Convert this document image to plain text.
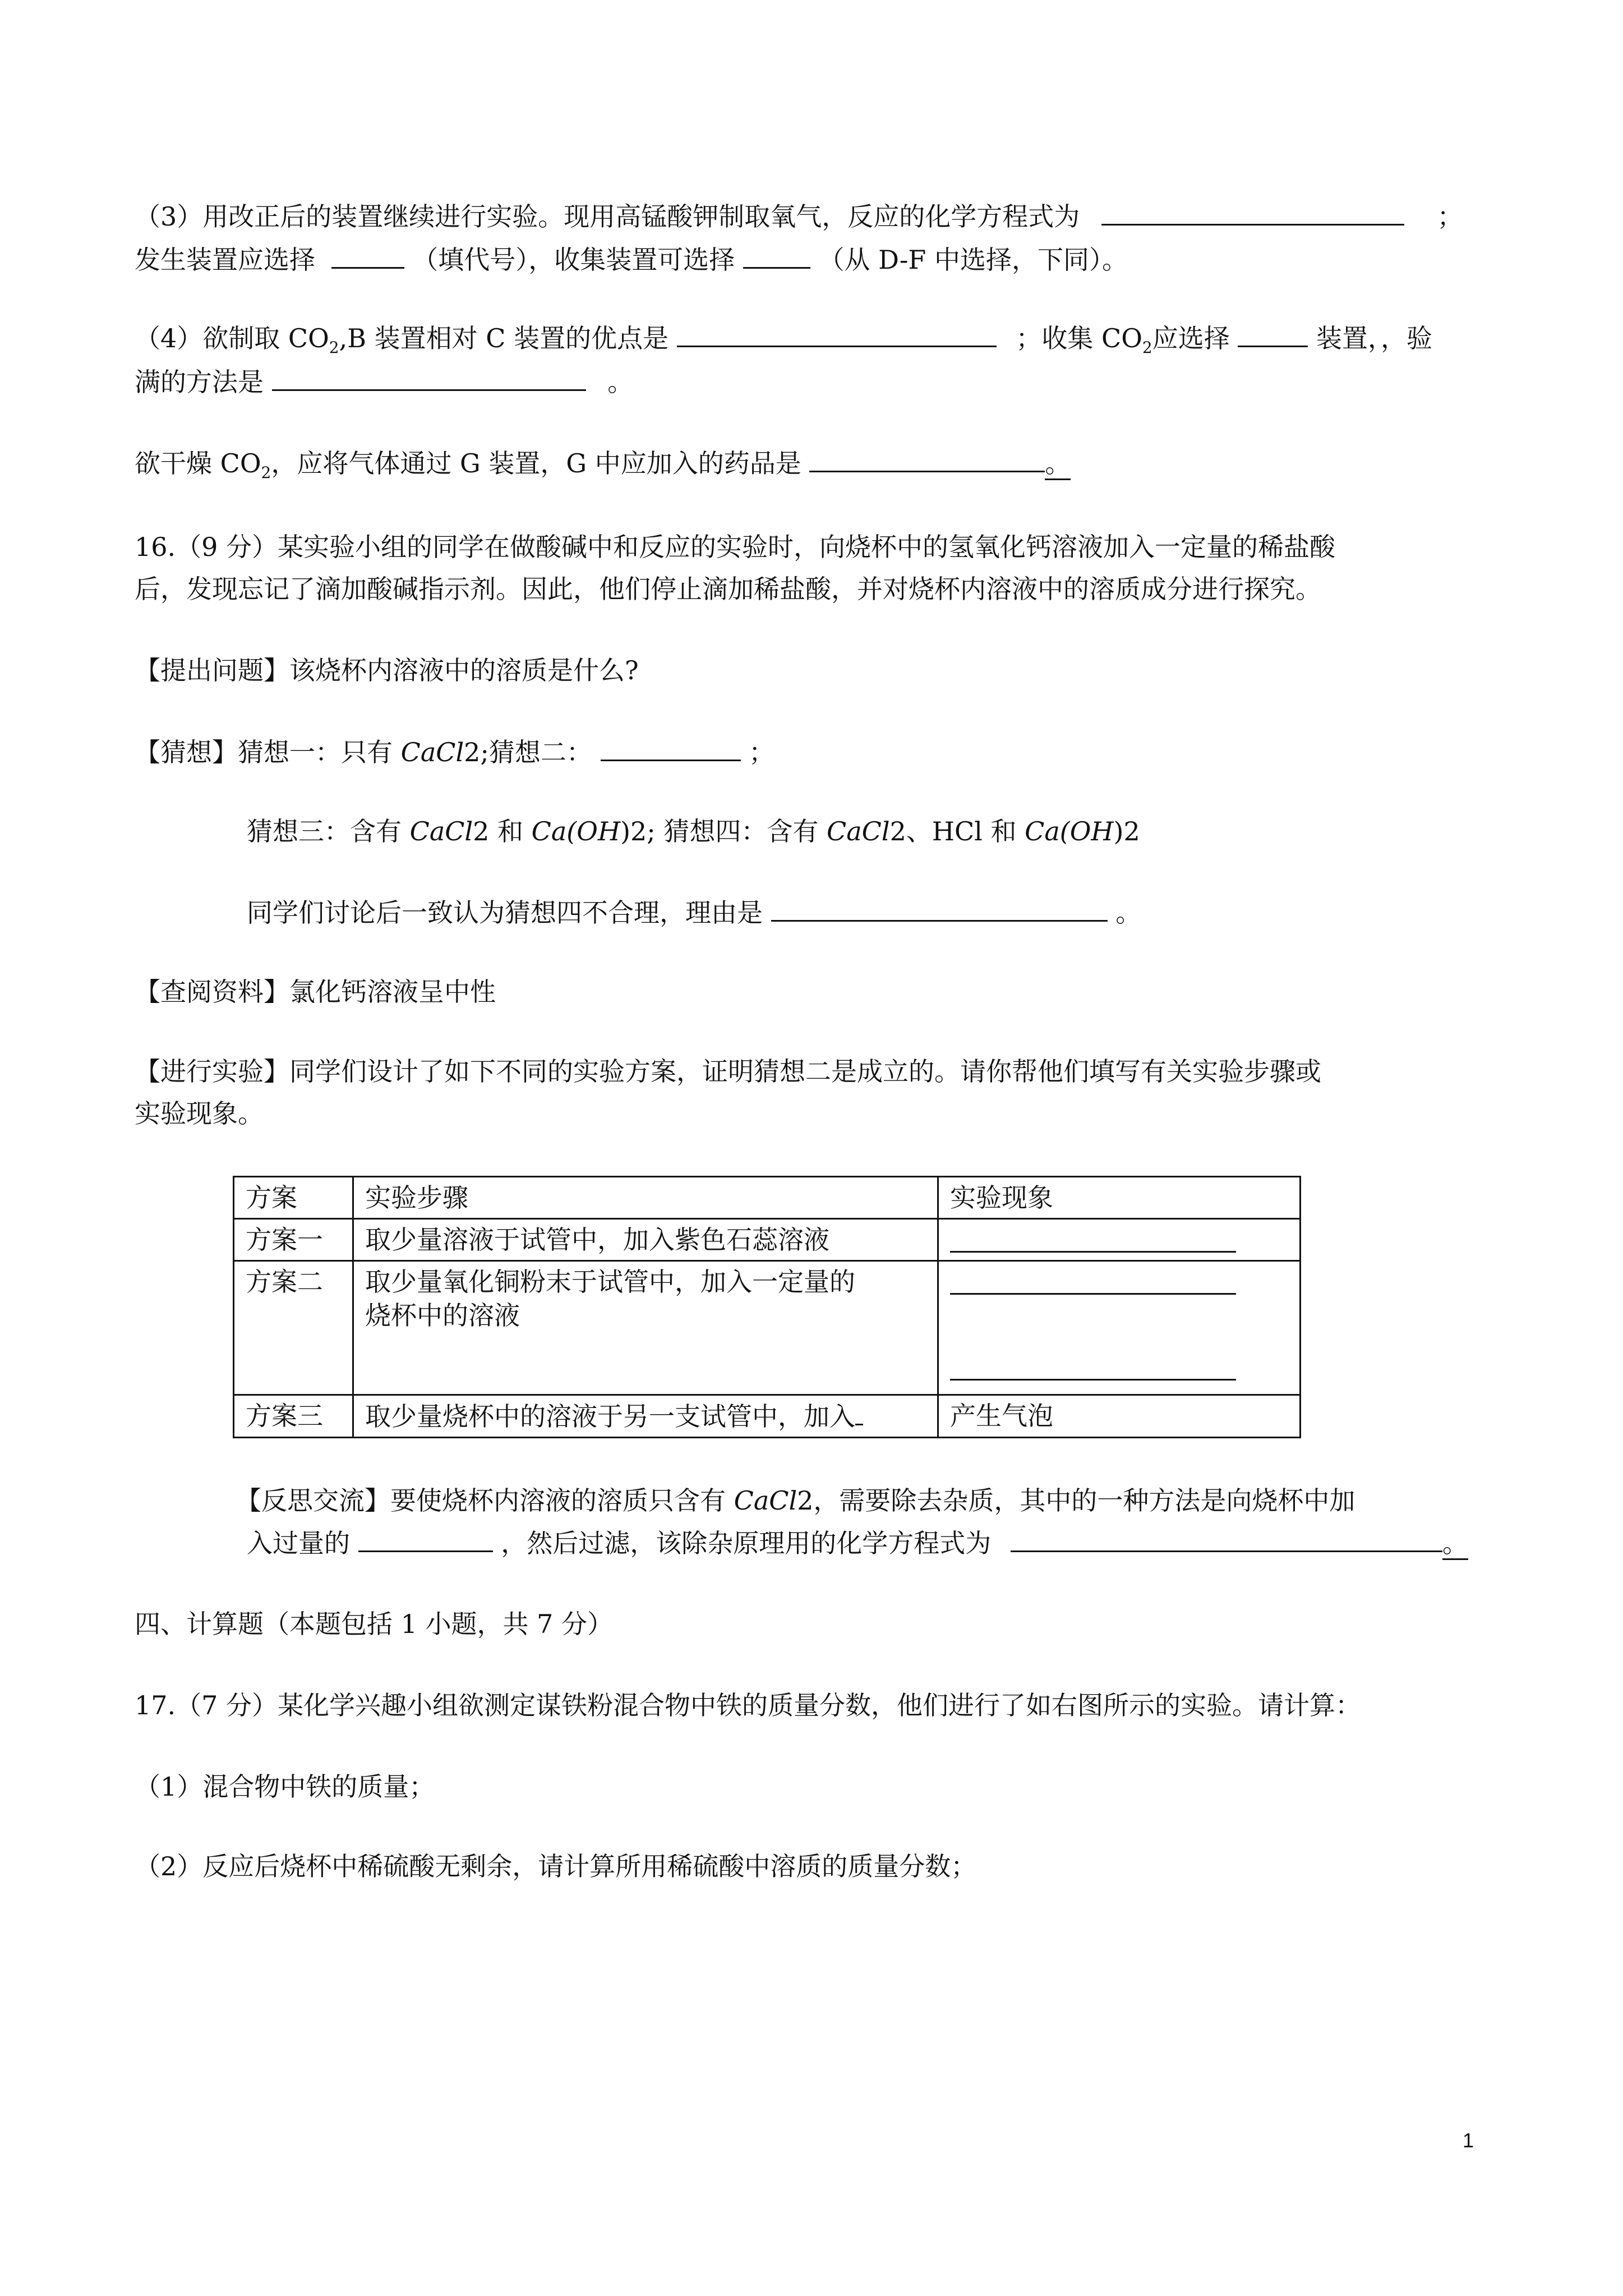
（3）用改正后的装置继续进行实验。现用高锰酸钾制取氧气，反应的化学方程式为	；
发生装置应选择	（填代号），收集装置可选择	（从 D-F 中选择，下同）。
（4）欲制取 $CO_2,B$ 装置相对 C 装置的优点是	；收集 $CO_2$应选择	装置，，验
满的方法是	。
欲干燥 $CO_2$，应将气体通过 G 装置，G 中应加入的药品是	。
16.（9 分）某实验小组的同学在做酸碱中和反应的实验时，向烧杯中的氢氧化钙溶液加入一定量的稀盐酸
后，发现忘记了滴加酸碱指示剂。因此，他们停止滴加稀盐酸，并对烧杯内溶液中的溶质成分进行探究。
【提出问题】该烧杯内溶液中的溶质是什么?
【猜想】猜想一：只有 CaCl2;猜想二：	；
猜想三：含有 CaCl2 和 Ca(OH)2; 猜想四：含有 CaCl2、HCl 和 Ca(OH)2
同学们讨论后一致认为猜想四不合理，理由是	。
【查阅资料】氯化钙溶液呈中性
【进行实验】同学们设计了如下不同的实验方案，证明猜想二是成立的。请你帮他们填写有关实验步骤或
实验现象。
方案	实验步骤	实验现象
方案一	取少量溶液于试管中，加入紫色石蕊溶液	

方案二	取少量氧化铜粉末于试管中，加入一定量的
烧杯中的溶液	

方案三	取少量烧杯中的溶液于另一支试管中，加入	产生气泡
【反思交流】要使烧杯内溶液的溶质只含有 CaCl2，需要除去杂质，其中的一种方法是向烧杯中加
入过量的	，然后过滤，该除杂原理用的化学方程式为	。
四、计算题（本题包括 1 小题，共 7 分）
17.（7 分）某化学兴趣小组欲测定谋铁粉混合物中铁的质量分数，他们进行了如右图所示的实验。请计算：
（1）混合物中铁的质量；
（2）反应后烧杯中稀硫酸无剩余，请计算所用稀硫酸中溶质的质量分数；
1
